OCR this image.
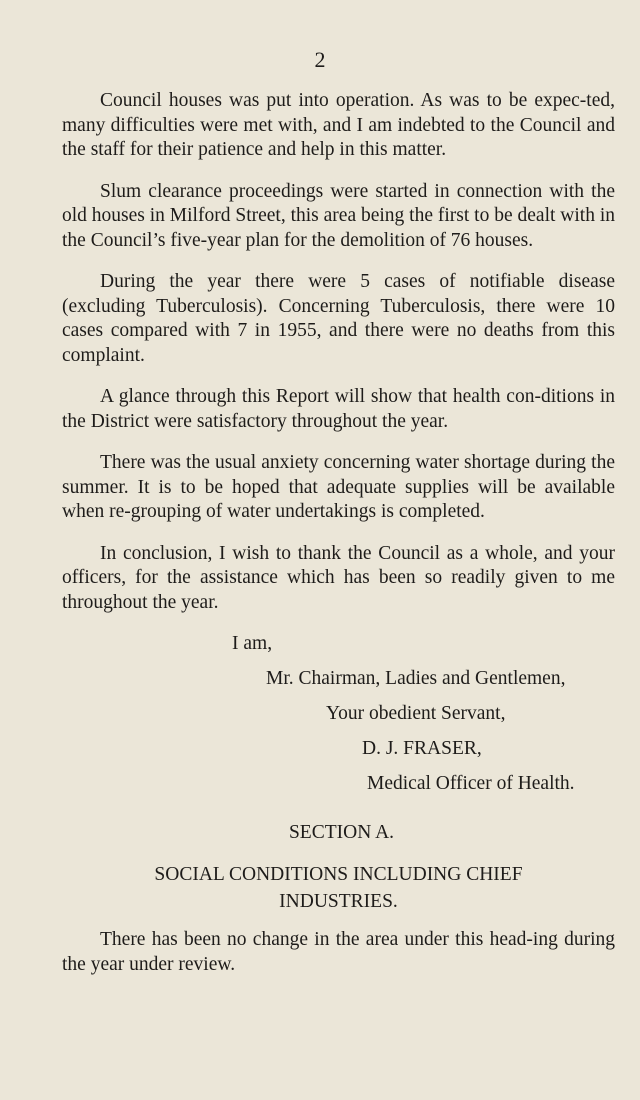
2

Council houses was put into operation. As was to be expec-ted, many difficulties were met with, and I am indebted to the Council and the staff for their patience and help in this matter.

Slum clearance proceedings were started in connection with the old houses in Milford Street, this area being the first to be dealt with in the Council’s five-year plan for the demolition of 76 houses.

During the year there were 5 cases of notifiable disease (excluding Tuberculosis). Concerning Tuberculosis, there were 10 cases compared with 7 in 1955, and there were no deaths from this complaint.

A glance through this Report will show that health con-ditions in the District were satisfactory throughout the year.

There was the usual anxiety concerning water shortage during the summer. It is to be hoped that adequate supplies will be available when re-grouping of water undertakings is completed.

In conclusion, I wish to thank the Council as a whole, and your officers, for the assistance which has been so readily given to me throughout the year.

I am,
Mr. Chairman, Ladies and Gentlemen,
Your obedient Servant,
D. J. FRASER,
Medical Officer of Health.
SECTION A.
SOCIAL CONDITIONS INCLUDING CHIEF
INDUSTRIES.

There has been no change in the area under this head-ing during the year under review.
